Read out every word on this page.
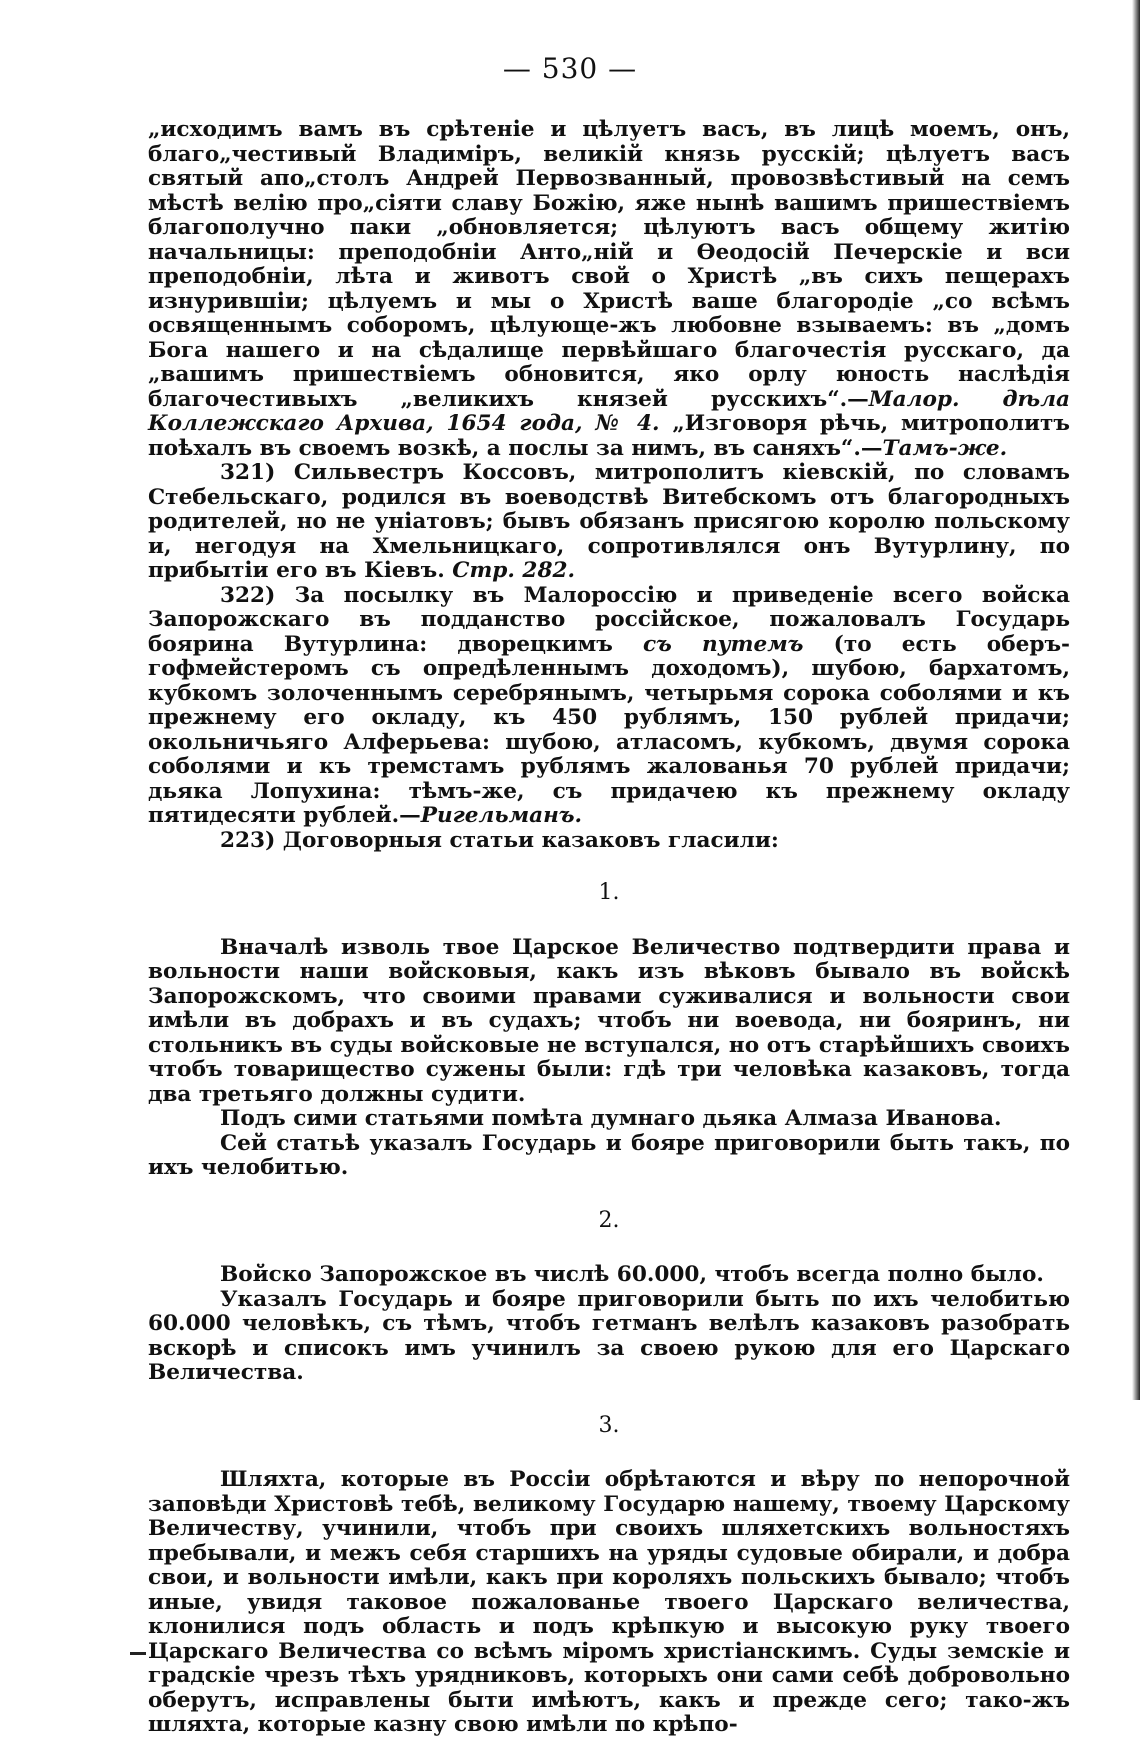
— 530 —

„исходимъ вамъ въ срѣтеніе и цѣлуетъ васъ, въ лицѣ моемъ, онъ, благо„честивый Владиміръ, великій князь русскій; цѣлуетъ васъ святый апо„столъ Андрей Первозванный, провозвѣстивый на семъ мѣстѣ велію про„сіяти славу Божію, яже нынѣ вашимъ пришествіемъ благополучно паки „обновляется; цѣлуютъ васъ общему житію начальницы: преподобніи Анто„ній и Ѳеодосій Печерскіе и вси преподобніи, лѣта и животъ свой о Христѣ „въ сихъ пещерахъ изнурившіи; цѣлуемъ и мы о Христѣ ваше благородіе „со всѣмъ освященнымъ соборомъ, цѣлующе-жъ любовне взываемъ: въ „домъ Бога нашего и на сѣдалище первѣйшаго благочестія русскаго, да „вашимъ пришествіемъ обновится, яко орлу юность наслѣдія благочестивыхъ „великихъ князей русскихъ“.—Малор. дѣла Коллежскаго Архива, 1654 года, № 4. „Изговоря рѣчь, митрополитъ поѣхалъ въ своемъ возкѣ, а послы за нимъ, въ саняхъ“.—Тамъ-же.

321) Сильвестръ Коссовъ, митрополитъ кіевскій, по словамъ Стебельскаго, родился въ воеводствѣ Витебскомъ отъ благородныхъ родителей, но не уніатовъ; бывъ обязанъ присягою королю польскому и, негодуя на Хмельницкаго, сопротивлялся онъ Вутурлину, по прибытіи его въ Кіевъ. Стр. 282.

322) За посылку въ Малороссію и приведеніе всего войска Запорожскаго въ подданство россійское, пожаловалъ Государь боярина Вутурлина: дворецкимъ съ путемъ (то есть оберъ-гофмейстеромъ съ опредѣленнымъ доходомъ), шубою, бархатомъ, кубкомъ золоченнымъ серебрянымъ, четырьмя сорока соболями и къ прежнему его окладу, къ 450 рублямъ, 150 рублей придачи; окольничьяго Алферьева: шубою, атласомъ, кубкомъ, двумя сорока соболями и къ тремстамъ рублямъ жалованья 70 рублей придачи; дьяка Лопухина: тѣмъ-же, съ придачею къ прежнему окладу пятидесяти рублей.—Ригельманъ.

223) Договорныя статьи казаковъ гласили:

1.

Вначалѣ изволь твое Царское Величество подтвердити права и вольности наши войсковыя, какъ изъ вѣковъ бывало въ войскѣ Запорожскомъ, что своими правами суживалися и вольности свои имѣли въ добрахъ и въ судахъ; чтобъ ни воевода, ни бояринъ, ни стольникъ въ суды войсковые не вступался, но отъ старѣйшихъ своихъ чтобъ товарищество сужены были: гдѣ три человѣка казаковъ, тогда два третьяго должны судити.

Подъ сими статьями помѣта думнаго дьяка Алмаза Иванова.

Сей статьѣ указалъ Государь и бояре приговорили быть такъ, по ихъ челобитью.

2.

Войско Запорожское въ числѣ 60.000, чтобъ всегда полно было.

Указалъ Государь и бояре приговорили быть по ихъ челобитью 60.000 человѣкъ, съ тѣмъ, чтобъ гетманъ велѣлъ казаковъ разобрать вскорѣ и списокъ имъ учинилъ за своею рукою для его Царскаго Величества.

3.

Шляхта, которые въ Россіи обрѣтаются и вѣру по непорочной заповѣди Христовѣ тебѣ, великому Государю нашему, твоему Царскому Величеству, учинили, чтобъ при своихъ шляхетскихъ вольностяхъ пребывали, и межъ себя старшихъ на уряды судовые обирали, и добра свои, и вольности имѣли, какъ при короляхъ польскихъ бывало; чтобъ иные, увидя таковое пожалованье твоего Царскаго величества, клонилися подъ область и подъ крѣпкую и высокую руку твоего Царскаго Величества со всѣмъ міромъ христіанскимъ. Суды земскіе и градскіе чрезъ тѣхъ урядниковъ, которыхъ они сами себѣ добровольно оберутъ, исправлены быти имѣютъ, какъ и прежде сего; тако-жъ шляхта, которые казну свою имѣли по крѣпо-
